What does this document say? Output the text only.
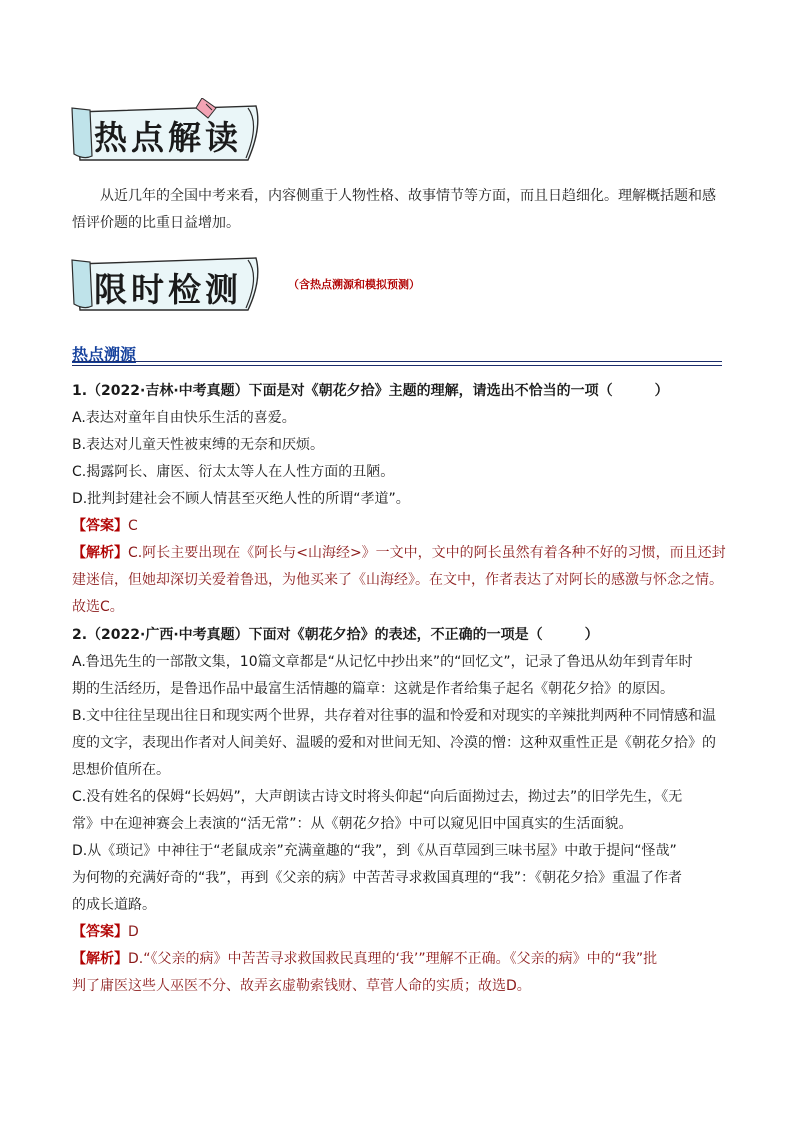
热点解读
从近几年的全国中考来看，内容侧重于人物性格、故事情节等方面，而且日趋细化。理解概括题和感
悟评价题的比重日益增加。
限时检测	（含热点溯源和模拟预测）
热点溯源
1.（2022·吉林·中考真题）下面是对《朝花夕拾》主题的理解，请选出不恰当的一项（　　　）
A.表达对童年自由快乐生活的喜爱。
B.表达对儿童天性被束缚的无奈和厌烦。
C.揭露阿长、庸医、衍太太等人在人性方面的丑陋。
D.批判封建社会不顾人情甚至灭绝人性的所谓“孝道”。
【答案】C
【解析】C.阿长主要出现在《阿长与<山海经>》一文中，文中的阿长虽然有着各种不好的习惯，而且还封
建迷信，但她却深切关爱着鲁迅，为他买来了《山海经》。在文中，作者表达了对阿长的感激与怀念之情。
故选C。
2.（2022·广西·中考真题）下面对《朝花夕拾》的表述，不正确的一项是（　　　）
A.鲁迅先生的一部散文集，10篇文章都是“从记忆中抄出来”的“回忆文”，记录了鲁迅从幼年到青年时
期的生活经历，是鲁迅作品中最富生活情趣的篇章：这就是作者给集子起名《朝花夕拾》的原因。
B.文中往往呈现出往日和现实两个世界，共存着对往事的温和怜爱和对现实的辛辣批判两种不同情感和温
度的文字，表现出作者对人间美好、温暖的爱和对世间无知、冷漠的憎：这种双重性正是《朝花夕拾》的
思想价值所在。
C.没有姓名的保姆“长妈妈”，大声朗读古诗文时将头仰起“向后面拗过去，拗过去”的旧学先生，《无
常》中在迎神赛会上表演的“活无常”：从《朝花夕拾》中可以窥见旧中国真实的生活面貌。
D.从《琐记》中神往于“老鼠成亲”充满童趣的“我”，到《从百草园到三味书屋》中敢于提问“怪哉”
为何物的充满好奇的“我”，再到《父亲的病》中苦苦寻求救国真理的“我”：《朝花夕拾》重温了作者
的成长道路。
【答案】D
【解析】D.“《父亲的病》中苦苦寻求救国救民真理的‘我’”理解不正确。《父亲的病》中的“我”批
判了庸医这些人巫医不分、故弄玄虚勒索钱财、草菅人命的实质；故选D。
